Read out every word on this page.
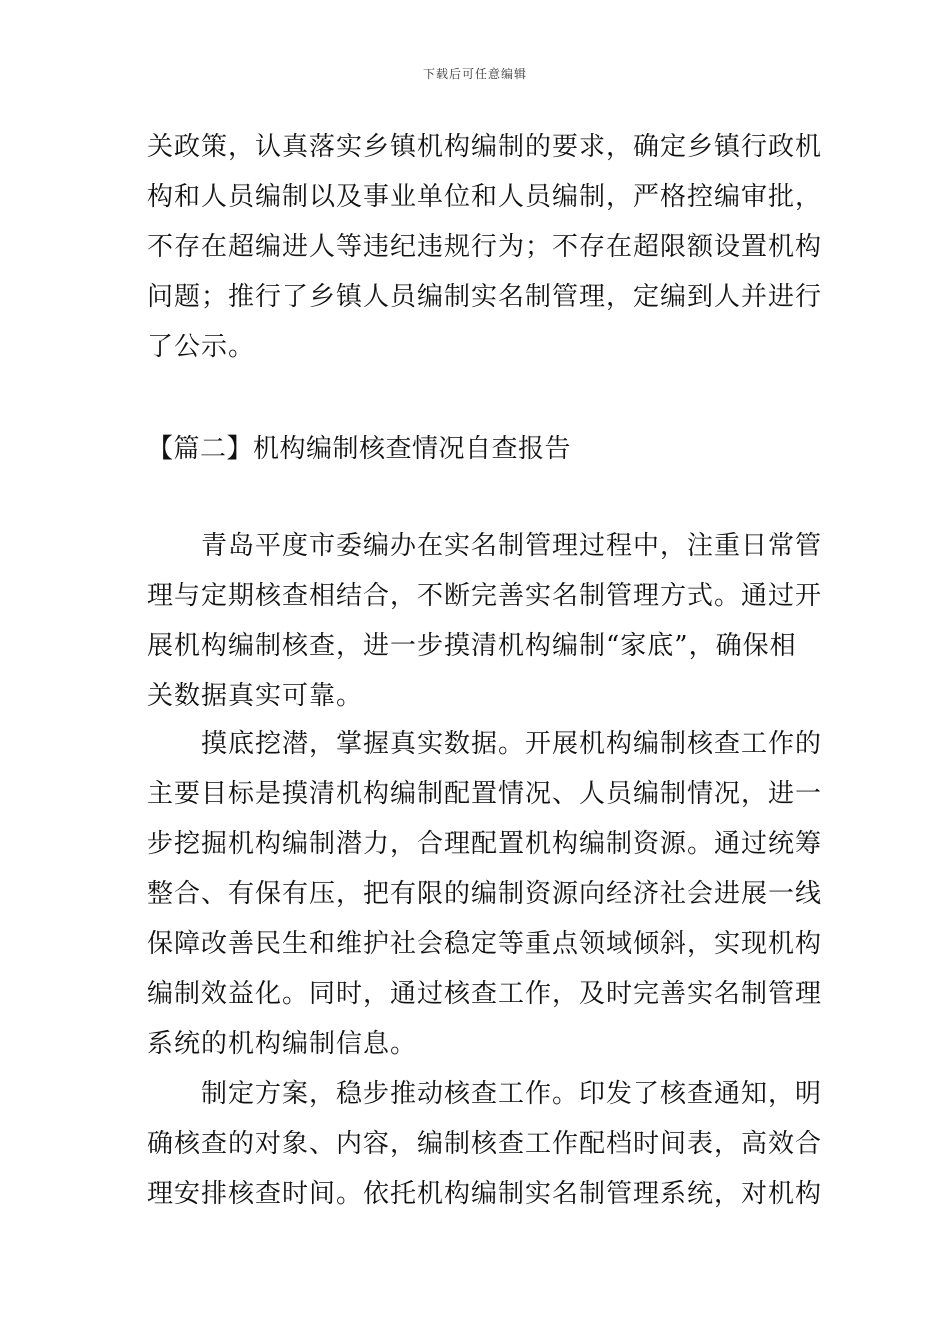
下载后可任意编辑
关政策，认真落实乡镇机构编制的要求，确定乡镇行政机
构和人员编制以及事业单位和人员编制，严格控编审批，
不存在超编进人等违纪违规行为；不存在超限额设置机构
问题；推行了乡镇人员编制实名制管理，定编到人并进行
了公示。
【篇二】机构编制核查情况自查报告
　　青岛平度市委编办在实名制管理过程中，注重日常管
理与定期核查相结合，不断完善实名制管理方式。通过开
展机构编制核查，进一步摸清机构编制“家底”，确保相
关数据真实可靠。
　　摸底挖潜，掌握真实数据。开展机构编制核查工作的
主要目标是摸清机构编制配置情况、人员编制情况，进一
步挖掘机构编制潜力，合理配置机构编制资源。通过统筹
整合、有保有压，把有限的编制资源向经济社会进展一线
保障改善民生和维护社会稳定等重点领域倾斜，实现机构
编制效益化。同时，通过核查工作，及时完善实名制管理
系统的机构编制信息。
　　制定方案，稳步推动核查工作。印发了核查通知，明
确核查的对象、内容，编制核查工作配档时间表，高效合
理安排核查时间。依托机构编制实名制管理系统，对机构
